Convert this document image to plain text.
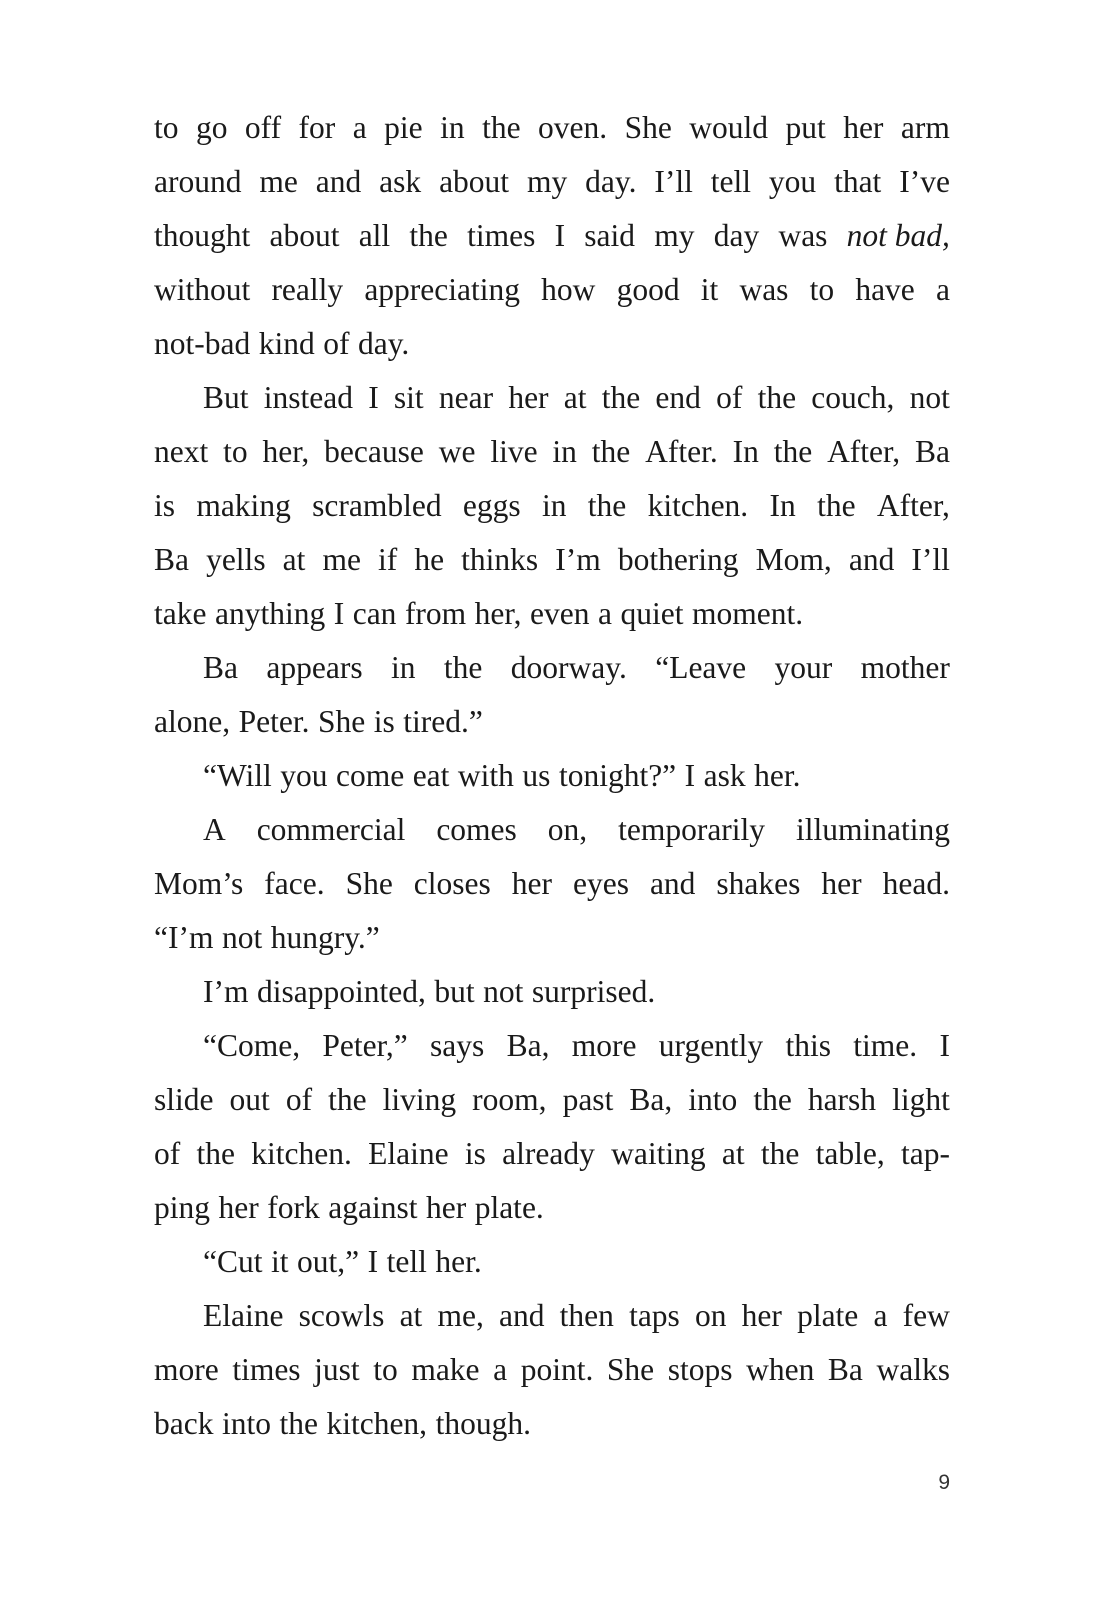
to go off for a pie in the oven. She would put her arm
around me and ask about my day. I’ll tell you that I’ve
thought about all the times I said my day was not bad,
without really appreciating how good it was to have a
not-bad kind of day.
But instead I sit near her at the end of the couch, not
next to her, because we live in the After. In the After, Ba
is making scrambled eggs in the kitchen. In the After,
Ba yells at me if he thinks I’m bothering Mom, and I’ll
take anything I can from her, even a quiet moment.
Ba appears in the doorway. “Leave your mother
alone, Peter. She is tired.”
“Will you come eat with us tonight?” I ask her.
A commercial comes on, temporarily illuminating
Mom’s face. She closes her eyes and shakes her head.
“I’m not hungry.”
I’m disappointed, but not surprised.
“Come, Peter,” says Ba, more urgently this time. I
slide out of the living room, past Ba, into the harsh light
of the kitchen. Elaine is already waiting at the table, tap-
ping her fork against her plate.
“Cut it out,” I tell her.
Elaine scowls at me, and then taps on her plate a few
more times just to make a point. She stops when Ba walks
back into the kitchen, though.
9
